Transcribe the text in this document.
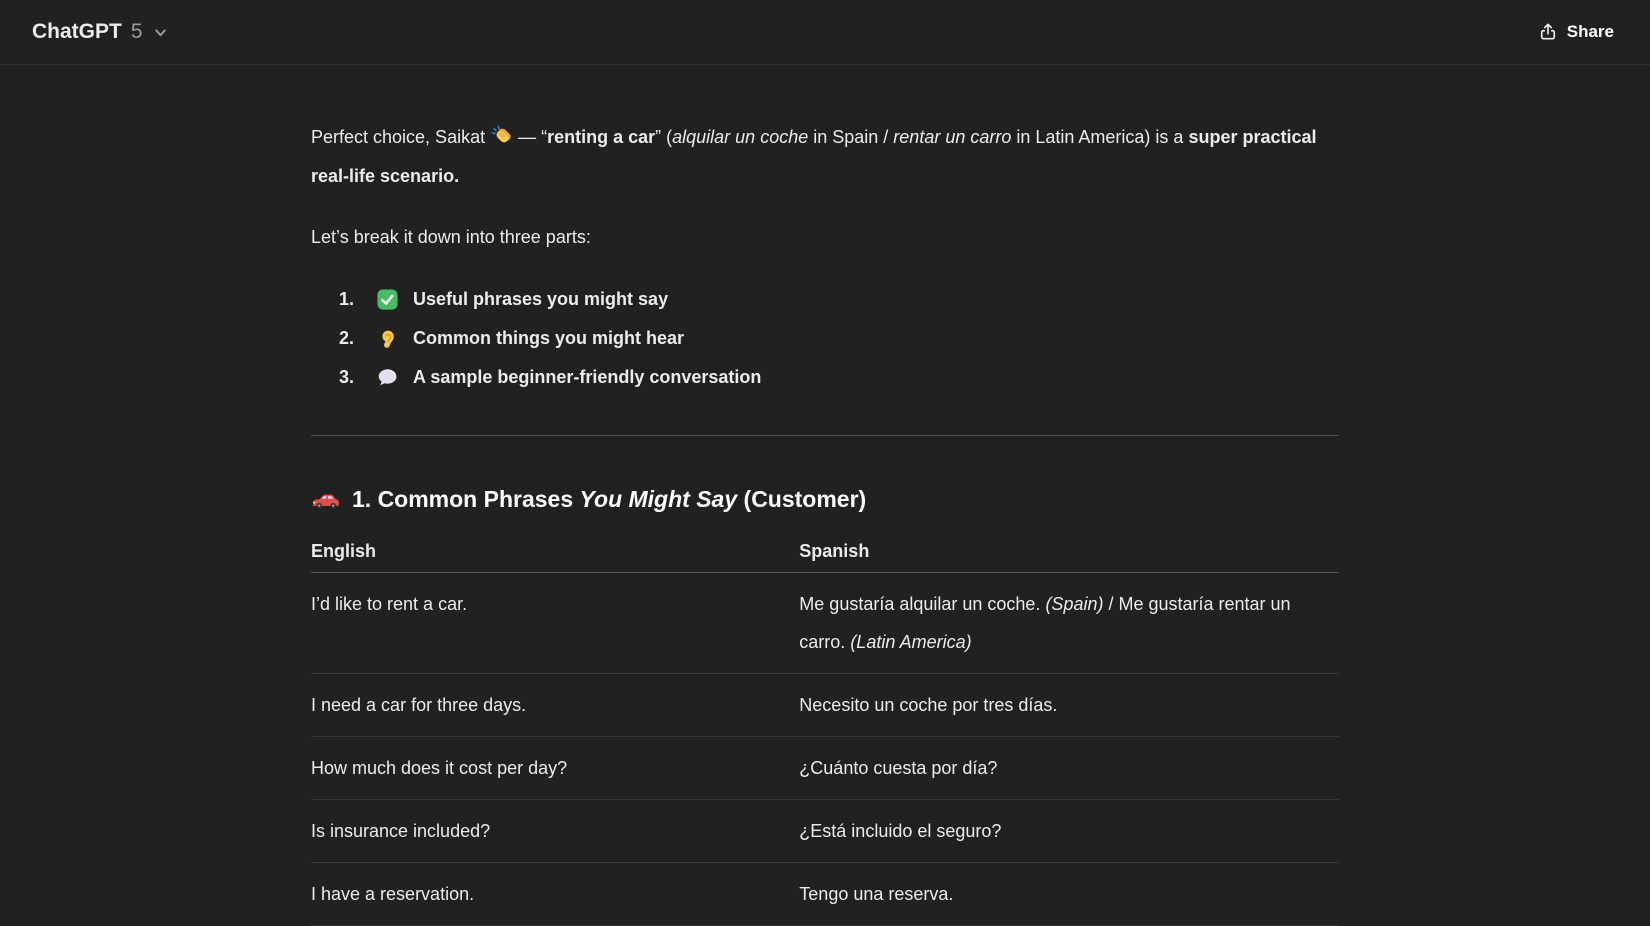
ChatGPT 5	Share

Perfect choice, Saikat  — “renting a car” (alquilar un coche in Spain / rentar un carro in Latin America) is a super practical real-life scenario.

Let’s break it down into three parts:

1.	Useful phrases you might say
2.	Common things you might hear
3.	A sample beginner-friendly conversation
1. Common Phrases You Might Say (Customer)
English	Spanish
I’d like to rent a car.	Me gustaría alquilar un coche. (Spain) / Me gustaría rentar un carro. (Latin America)
I need a car for three days.	Necesito un coche por tres días.
How much does it cost per day?	¿Cuánto cuesta por día?
Is insurance included?	¿Está incluido el seguro?
I have a reservation.	Tengo una reserva.
